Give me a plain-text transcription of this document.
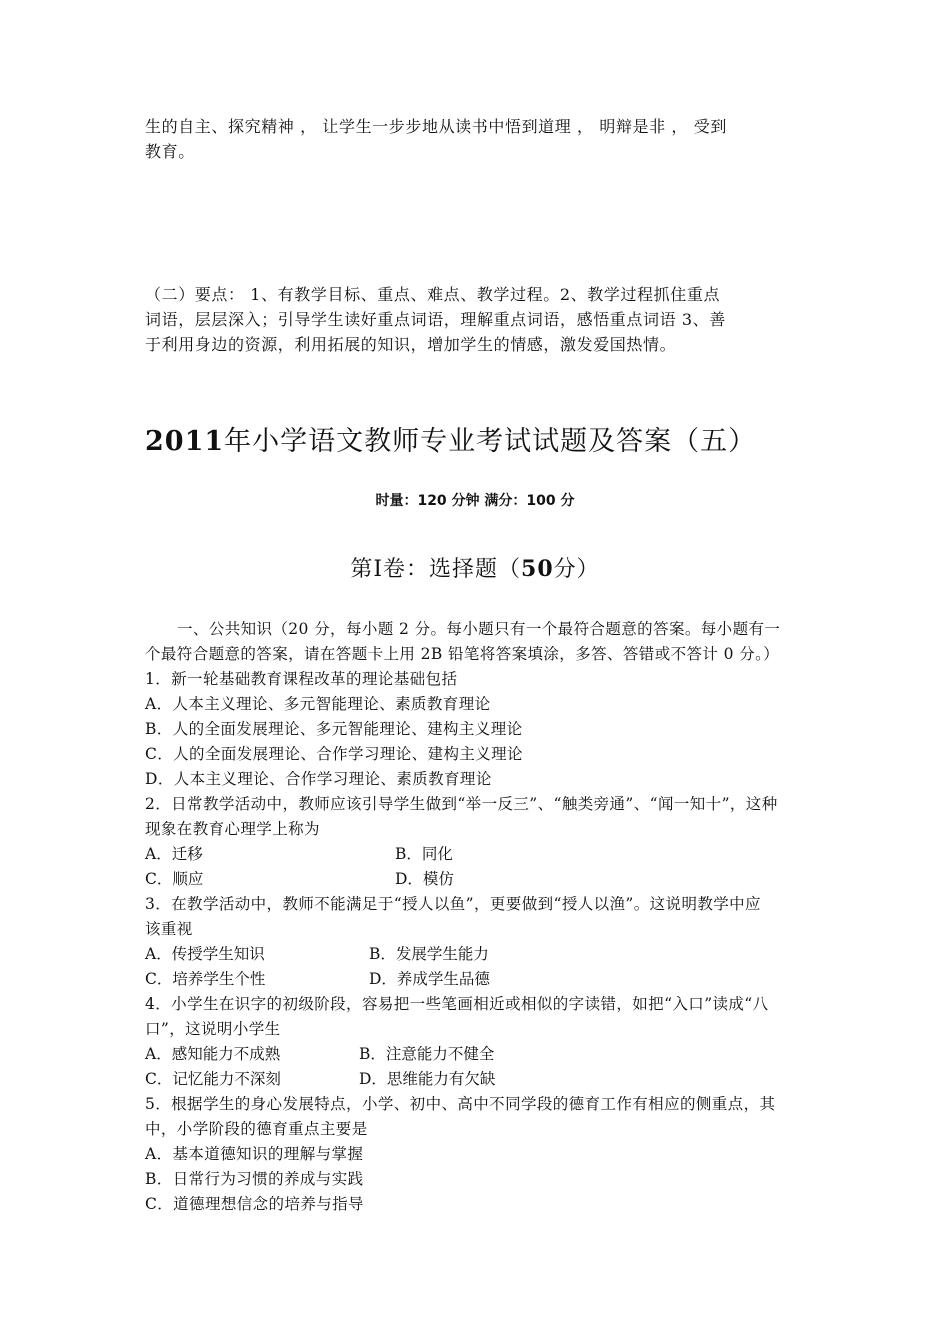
生的自主、探究精神 ， 让学生一步步地从读书中悟到道理 ， 明辩是非 ， 受到
教育。
（二）要点： 1、有教学目标、重点、难点、教学过程。2、教学过程抓住重点
词语，层层深入；引导学生读好重点词语，理解重点词语，感悟重点词语 3、善
于利用身边的资源，利用拓展的知识，增加学生的情感，激发爱国热情。
2011年小学语文教师专业考试试题及答案（五）
时量：120 分钟 满分：100 分
第Ⅰ卷：选择题（50分）
一、公共知识（20 分，每小题 2 分。每小题只有一个最符合题意的答案。每小题有一
个最符合题意的答案，请在答题卡上用 2B 铅笔将答案填涂，多答、答错或不答计 0 分。）
1．新一轮基础教育课程改革的理论基础包括
A．人本主义理论、多元智能理论、素质教育理论
B．人的全面发展理论、多元智能理论、建构主义理论
C．人的全面发展理论、合作学习理论、建构主义理论
D．人本主义理论、合作学习理论、素质教育理论
2．日常教学活动中，教师应该引导学生做到“举一反三”、“触类旁通”、“闻一知十”，这种
现象在教育心理学上称为
A．迁移	B．同化
C．顺应	D．模仿
3．在教学活动中，教师不能满足于“授人以鱼”，更要做到“授人以渔”。这说明教学中应
该重视
A．传授学生知识	B．发展学生能力
C．培养学生个性	D．养成学生品德
4．小学生在识字的初级阶段，容易把一些笔画相近或相似的字读错，如把“入口”读成“八
口”，这说明小学生
A．感知能力不成熟	B．注意能力不健全
C．记忆能力不深刻	D．思维能力有欠缺
5．根据学生的身心发展特点，小学、初中、高中不同学段的德育工作有相应的侧重点，其
中，小学阶段的德育重点主要是
A．基本道德知识的理解与掌握
B．日常行为习惯的养成与实践
C．道德理想信念的培养与指导
